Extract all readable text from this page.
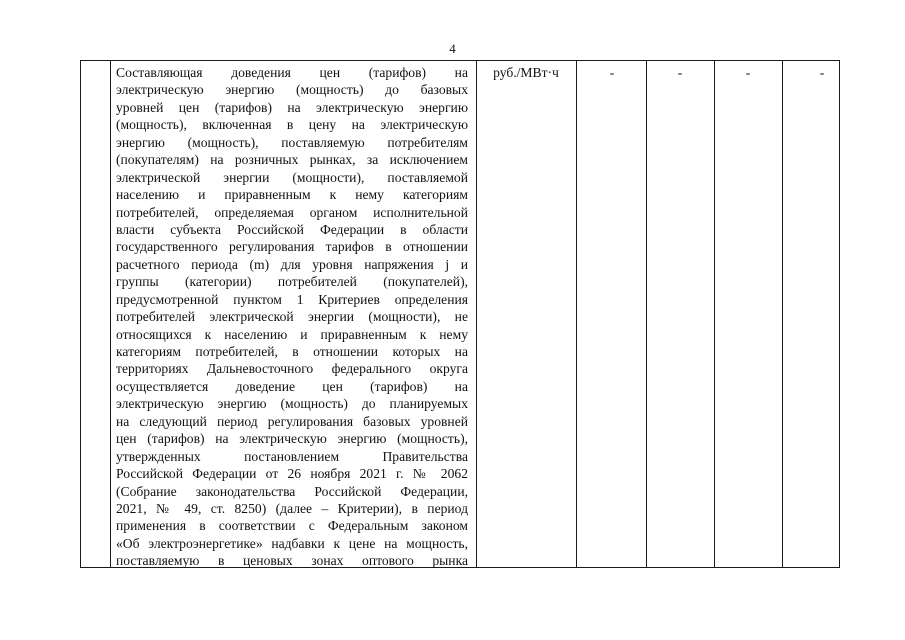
4
Составляющая доведения цен (тарифов) на
электрическую энергию (мощность) до базовых
уровней цен (тарифов) на электрическую энергию
(мощность), включенная в цену на электрическую
энергию (мощность), поставляемую потребителям
(покупателям) на розничных рынках, за исключением
электрической энергии (мощности), поставляемой
населению и приравненным к нему категориям
потребителей, определяемая органом исполнительной
власти субъекта Российской Федерации в области
государственного регулирования тарифов в отношении
расчетного периода (m) для уровня напряжения j и
группы (категории) потребителей (покупателей),
предусмотренной пунктом 1 Критериев определения
потребителей электрической энергии (мощности), не
относящихся к населению и приравненным к нему
категориям потребителей, в отношении которых на
территориях Дальневосточного федерального округа
осуществляется доведение цен (тарифов) на
электрическую энергию (мощность) до планируемых
на следующий период регулирования базовых уровней
цен (тарифов) на электрическую энергию (мощность),
утвержденных постановлением Правительства
Российской Федерации от 26 ноября 2021 г. № 2062
(Собрание законодательства Российской Федерации,
2021, № 49, ст. 8250) (далее – Критерии), в период
применения в соответствии с Федеральным законом
«Об электроэнергетике» надбавки к цене на мощность,
поставляемую в ценовых зонах оптового рынка
руб./МВт·ч	-	-	-	-
